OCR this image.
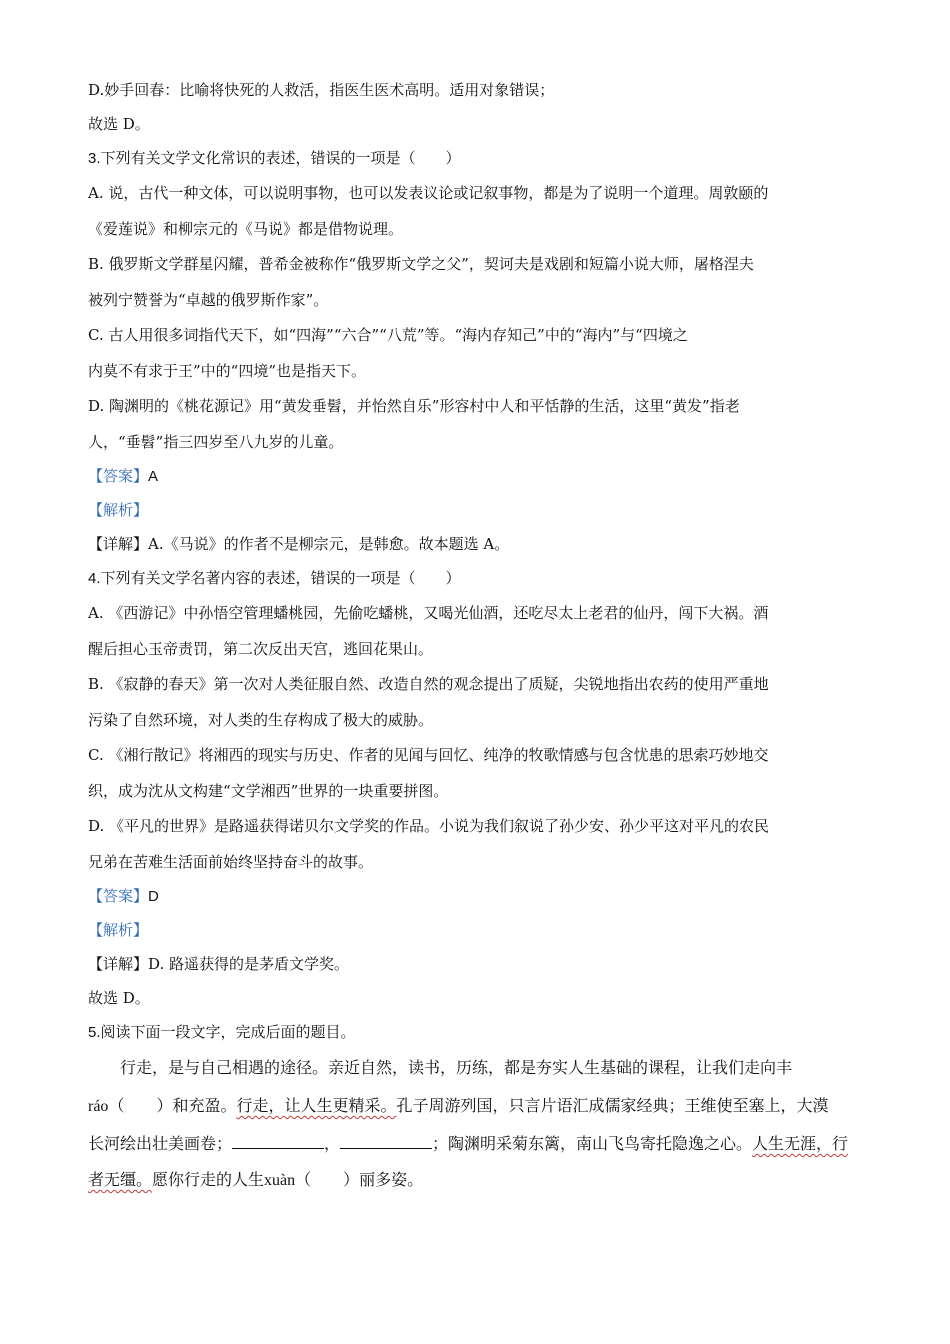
D.妙手回春：比喻将快死的人救活，指医生医术高明。适用对象错误；
故选 D。
3.下列有关文学文化常识的表述，错误的一项是（　　）
A. 说，古代一种文体，可以说明事物，也可以发表议论或记叙事物，都是为了说明一个道理。周敦颐的
《爱莲说》和柳宗元的《马说》都是借物说理。
B. 俄罗斯文学群星闪耀，普希金被称作“俄罗斯文学之父”，契诃夫是戏剧和短篇小说大师，屠格涅夫
被列宁赞誉为“卓越的俄罗斯作家”。
C. 古人用很多词指代天下，如“四海”“六合”“八荒”等。“海内存知己”中的“海内”与“四境之
内莫不有求于王”中的“四境”也是指天下。
D. 陶渊明的《桃花源记》用“黄发垂髫，并怡然自乐”形容村中人和平恬静的生活，这里“黄发”指老
人，“垂髫”指三四岁至八九岁的儿童。
【答案】A
【解析】
【详解】A.《马说》的作者不是柳宗元，是韩愈。故本题选 A。
4.下列有关文学名著内容的表述，错误的一项是（　　）
A. 《西游记》中孙悟空管理蟠桃园，先偷吃蟠桃，又喝光仙酒，还吃尽太上老君的仙丹，闯下大祸。酒
醒后担心玉帝责罚，第二次反出天宫，逃回花果山。
B. 《寂静的春天》第一次对人类征服自然、改造自然的观念提出了质疑，尖锐地指出农药的使用严重地
污染了自然环境，对人类的生存构成了极大的威胁。
C. 《湘行散记》将湘西的现实与历史、作者的见闻与回忆、纯净的牧歌情感与包含忧患的思索巧妙地交
织，成为沈从文构建“文学湘西”世界的一块重要拼图。
D. 《平凡的世界》是路遥获得诺贝尔文学奖的作品。小说为我们叙说了孙少安、孙少平这对平凡的农民
兄弟在苦难生活面前始终坚持奋斗的故事。
【答案】D
【解析】
【详解】D. 路遥获得的是茅盾文学奖。
故选 D。
5.阅读下面一段文字，完成后面的题目。
行走，是与自己相遇的途径。亲近自然，读书，历练，都是夯实人生基础的课程，让我们走向丰
ráo（　　）和充盈。行走，让人生更精采。孔子周游列国，只言片语汇成儒家经典；王维使至塞上，大漠
长河绘出壮美画卷；	，	；陶渊明采菊东篱，南山飞鸟寄托隐逸之心。人生无涯，行
者无缰。愿你行走的人生xuàn（　　）丽多姿。
